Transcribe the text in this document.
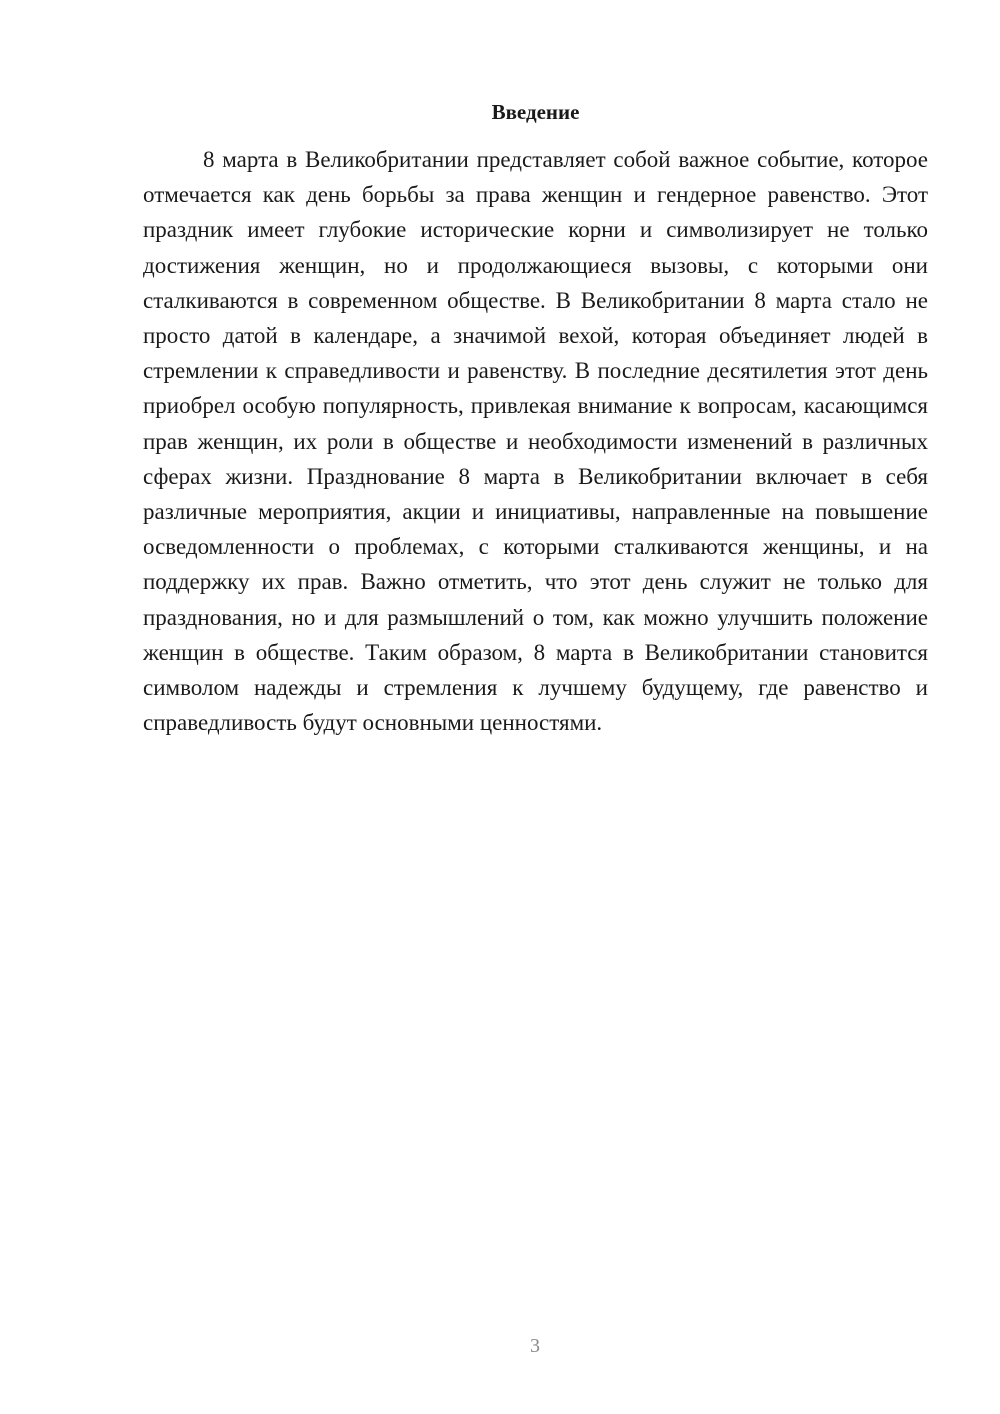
Введение

8 марта в Великобритании представляет собой важное событие, которое отмечается как день борьбы за права женщин и гендерное равенство. Этот праздник имеет глубокие исторические корни и символизирует не только достижения женщин, но и продолжающиеся вызовы, с которыми они сталкиваются в современном обществе. В Великобритании 8 марта стало не просто датой в календаре, а значимой вехой, которая объединяет людей в стремлении к справедливости и равенству. В последние десятилетия этот день приобрел особую популярность, привлекая внимание к вопросам, касающимся прав женщин, их роли в обществе и необходимости изменений в различных сферах жизни. Празднование 8 марта в Великобритании включает в себя различные мероприятия, акции и инициативы, направленные на повышение осведомленности о проблемах, с которыми сталкиваются женщины, и на поддержку их прав. Важно отметить, что этот день служит не только для празднования, но и для размышлений о том, как можно улучшить положение женщин в обществе. Таким образом, 8 марта в Великобритании становится символом надежды и стремления к лучшему будущему, где равенство и справедливость будут основными ценностями.

3
